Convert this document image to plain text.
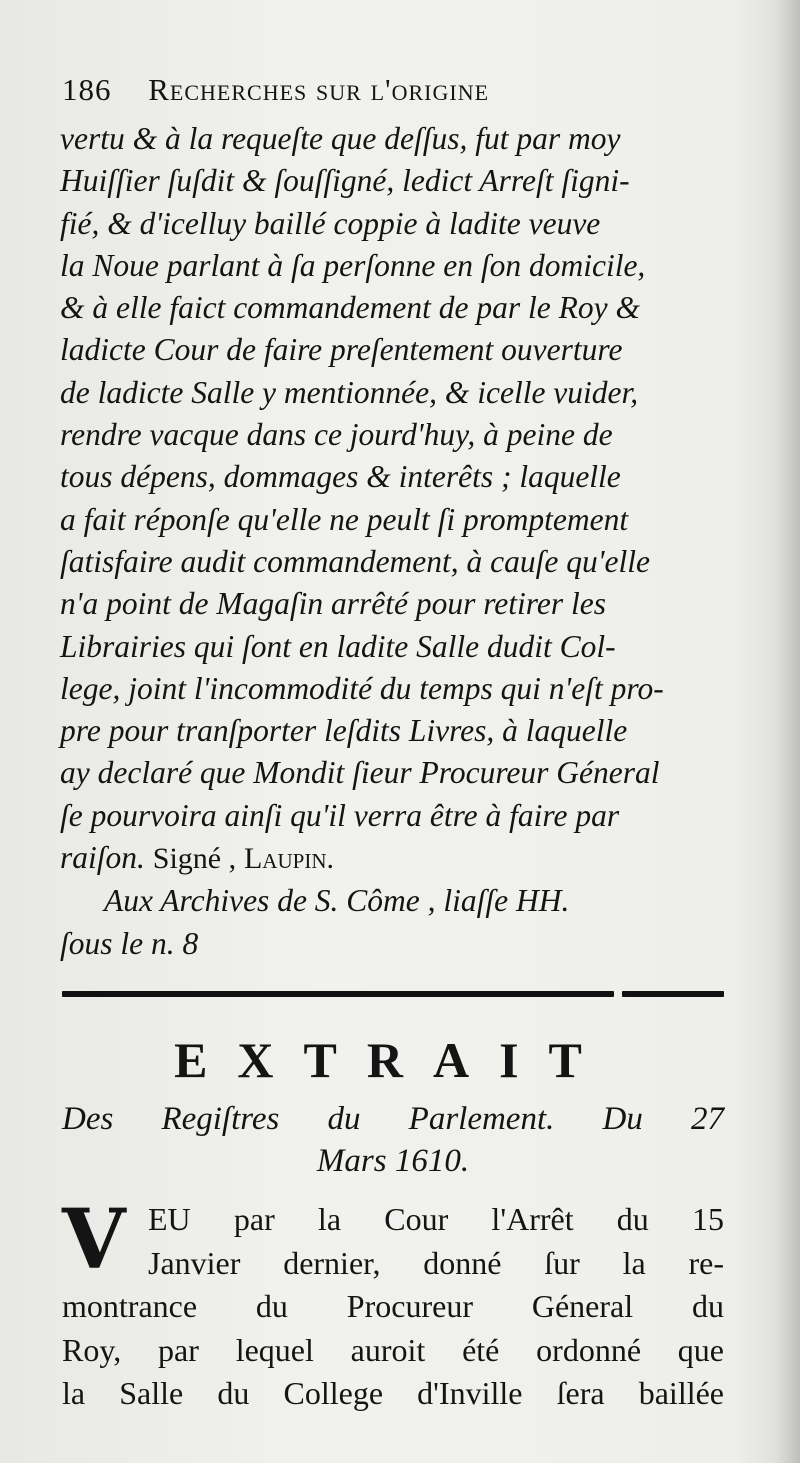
186 Recherches sur l'origine
vertu & à la requeſte que deſſus, fut par moy
Huiſſier ſuſdit & ſouſſigné, ledict Arreſt ſigni-
fié, & d'icelluy baillé coppie à ladite veuve
la Noue parlant à ſa perſonne en ſon domicile,
& à elle faict commandement de par le Roy &
ladicte Cour de faire preſentement ouverture
de ladicte Salle y mentionnée, & icelle vuider,
rendre vacque dans ce jourd'huy, à peine de
tous dépens, dommages & interêts ; laquelle
a fait réponſe qu'elle ne peult ſi promptement
ſatisfaire audit commandement, à cauſe qu'elle
n'a point de Magaſin arrêté pour retirer les
Librairies qui ſont en ladite Salle dudit Col-
lege, joint l'incommodité du temps qui n'eſt pro-
pre pour tranſporter leſdits Livres, à laquelle
ay declaré que Mondit ſieur Procureur Géneral
ſe pourvoira ainſi qu'il verra être à faire par
raiſon. Signé , Laupin.
Aux Archives de S. Côme , liaſſe HH.
ſous le n. 8
EXTRAIT
Des Regiſtres du Parlement. Du 27
Mars 1610.
V EU par la Cour l'Arrêt du 15
Janvier dernier, donné ſur la re-
montrance du Procureur Géneral du
Roy, par lequel auroit été ordonné que
la Salle du College d'Inville ſera baillée
